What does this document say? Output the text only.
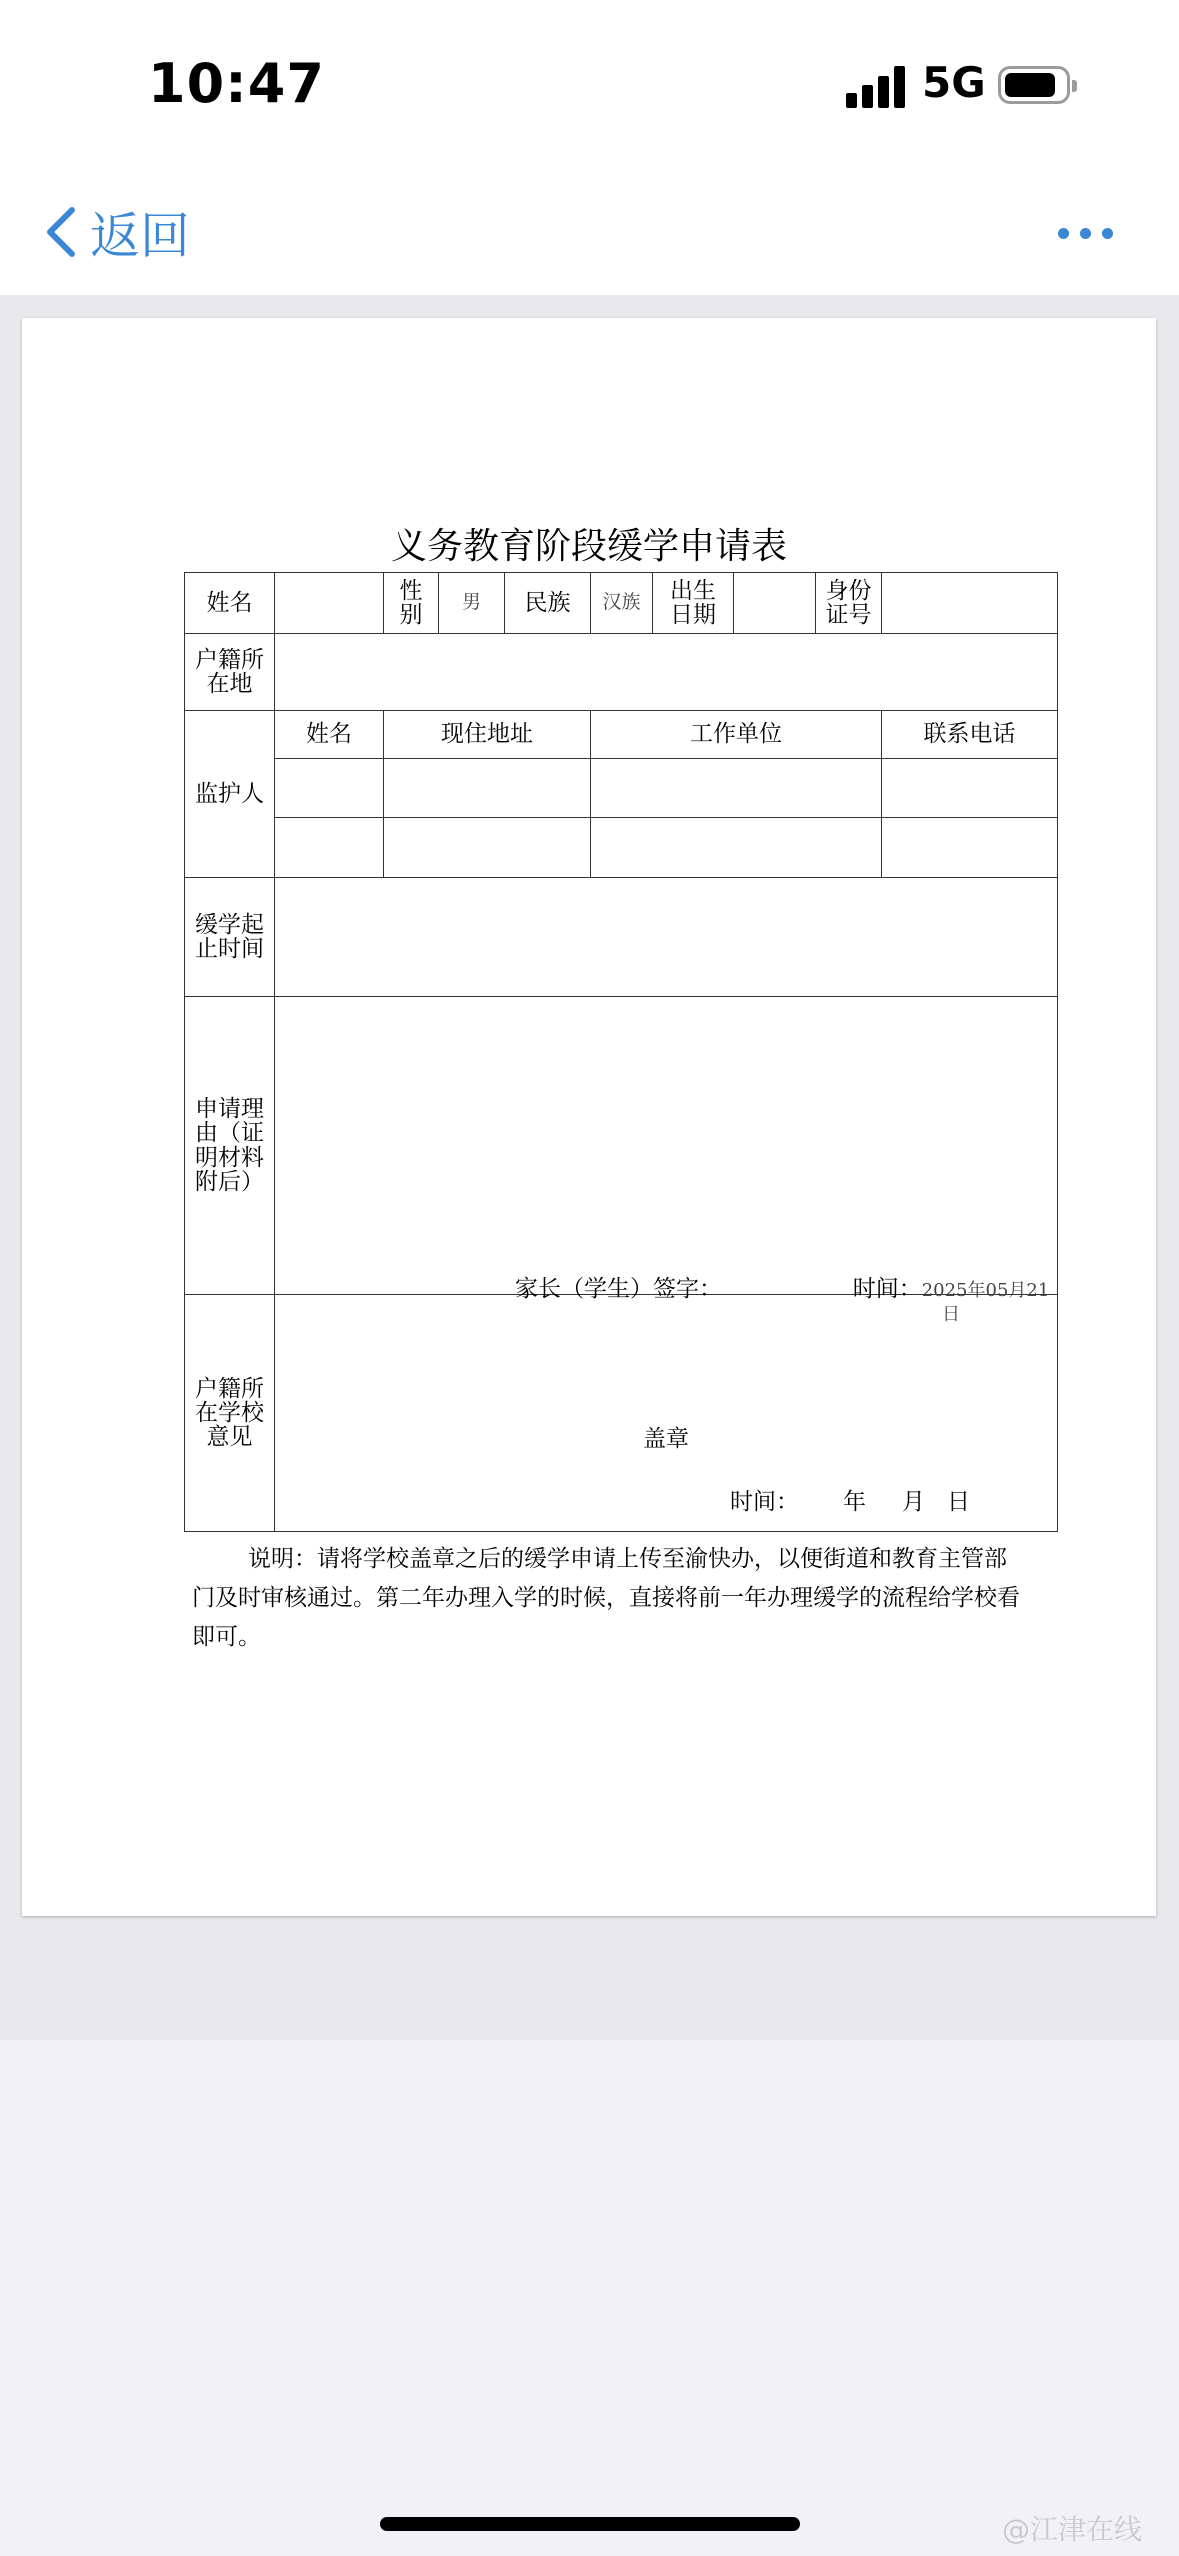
10:47	5G
返回
义务教育阶段缓学申请表
姓名		性别	男	民族	汉族	出生日期		身份证号	
户籍所在地									
监护人	姓名	现住地址			工作单位				联系电话

缓学起止时间									
申请理由（证明材料附后）	家长（学生）签字： 时间：2025年05月21日								

户籍所在学校意见	盖章
时间： 年 月 日								
说明：请将学校盖章之后的缓学申请上传至渝快办，以便街道和教育主管部门及时审核通过。第二年办理入学的时候，直接将前一年办理缓学的流程给学校看即可。
@江津在线
